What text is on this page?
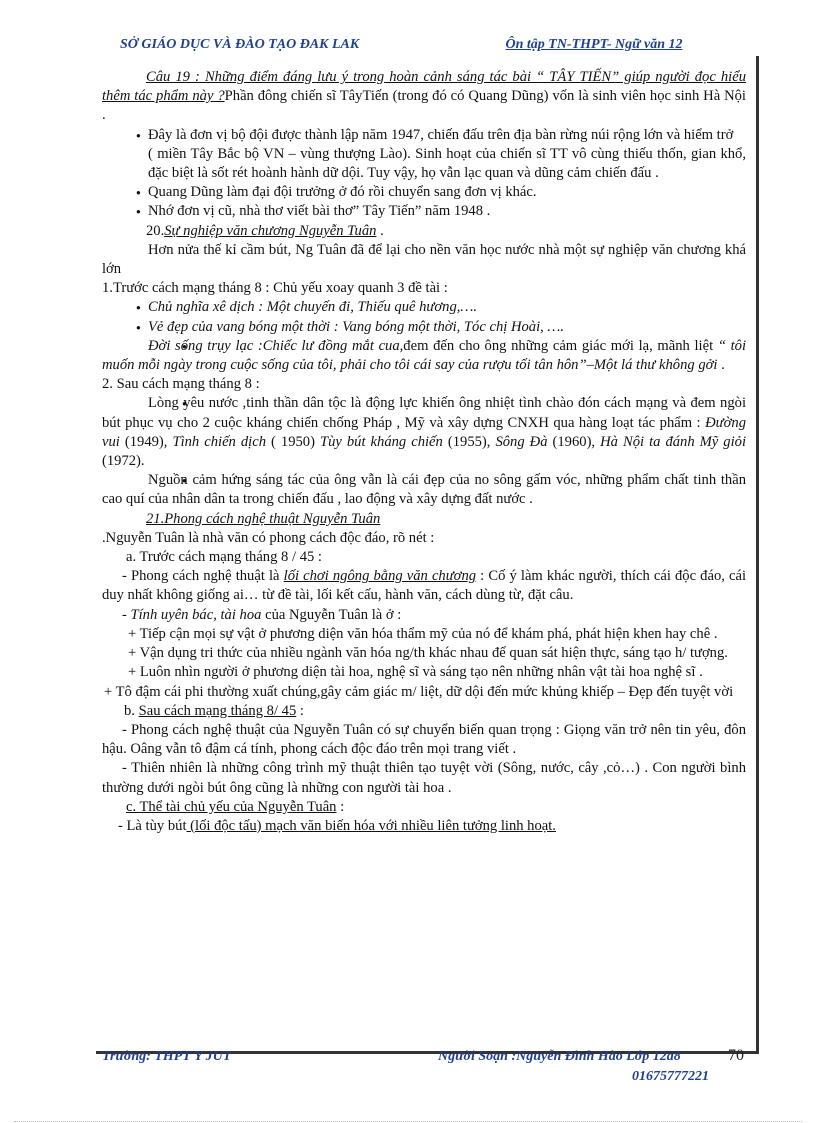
SỞ GIÁO DỤC VÀ ĐÀO TẠO ĐAK LAK	Ôn tập TN-THPT- Ngữ văn 12

Câu 19 : Những điểm đáng lưu ý trong hoàn cảnh sáng tác bài “ TÂY TIẾN” giúp người đọc hiểu thêm tác phẩm này ?Phần đông chiến sĩ TâyTiến (trong đó có Quang Dũng) vốn là sinh viên học sinh Hà Nội .

● Đây là đơn vị bộ đội được thành lập năm 1947, chiến đấu trên địa bàn rừng núi rộng lớn và hiểm trở

( miền Tây Bắc bộ VN – vùng thượng Lào). Sinh hoạt của chiến sĩ TT vô cùng thiếu thốn, gian khổ, đặc biệt là sốt rét hoành hành dữ dội. Tuy vậy, họ vẫn lạc quan và dũng cảm chiến đấu .

● Quang Dũng làm đại đội trưởng ở đó rồi chuyển sang đơn vị khác.

● Nhớ đơn vị cũ, nhà thơ viết bài thơ” Tây Tiến” năm 1948 .

20.Sự nghiệp văn chương Nguyễn Tuân .

Hơn nửa thế kỉ cầm bút, Ng Tuân đã để lại cho nền văn học nước nhà một sự nghiệp văn chương khá lớn

1.Trước cách mạng tháng 8 : Chủ yếu xoay quanh 3 đề tài :

● Chủ nghĩa xê dịch : Một chuyến đi, Thiếu quê hương,….

● Vẻ đẹp của vang bóng một thời : Vang bóng một thời, Tóc chị Hoài, ….

● Đời sống trụy lạc :Chiếc lư đồng mắt cua,đem đến cho ông những cảm giác mới lạ, mãnh liệt “ tôi muốn mỗi ngày trong cuộc sống của tôi, phải cho tôi cái say của rượu tối tân hôn”–Một lá thư không gởi .

2. Sau cách mạng tháng 8 :

● Lòng yêu nước ,tinh thần dân tộc là động lực khiến ông nhiệt tình chào đón cách mạng và đem ngòi bút phục vụ cho 2 cuộc kháng chiến chống Pháp , Mỹ và xây dựng CNXH qua hàng loạt tác phẩm : Đường vui (1949), Tình chiến dịch ( 1950) Tùy bút kháng chiến (1955), Sông Đà (1960), Hà Nội ta đánh Mỹ giỏi (1972).

● Nguồn cảm hứng sáng tác của ông vẫn là cái đẹp của no sông gấm vóc, những phẩm chất tinh thần cao quí của nhân dân ta trong chiến đấu , lao động và xây dựng đất nước .

21.Phong cách nghệ thuật Nguyễn Tuân

.Nguyễn Tuân là nhà văn có phong cách độc đáo, rõ nét :

a. Trước cách mạng tháng 8 / 45 :

- Phong cách nghệ thuật là lối chơi ngông bằng văn chương : Cố ý làm khác người, thích cái độc đáo, cái duy nhất không giống ai… từ đề tài, lối kết cấu, hành văn, cách dùng từ, đặt câu.

- Tính uyên bác, tài hoa của Nguyễn Tuân là ở :

+ Tiếp cận mọi sự vật ở phương diện văn hóa thẩm mỹ của nó để khám phá, phát hiện khen hay chê .

+ Vận dụng tri thức của nhiều ngành văn hóa ng/th khác nhau để quan sát hiện thực, sáng tạo h/ tượng.

+ Luôn nhìn người ở phương diện tài hoa, nghệ sĩ và sáng tạo nên những nhân vật tài hoa nghệ sĩ .

+ Tô đậm cái phi thường xuất chúng,gây cảm giác m/ liệt, dữ dội đến mức khủng khiếp – Đẹp đến tuyệt vời

b. Sau cách mạng tháng 8/ 45 :

- Phong cách nghệ thuật của Nguyễn Tuân có sự chuyển biến quan trọng : Giọng văn trở nên tin yêu, đôn hậu. Oâng vẫn tô đậm cá tính, phong cách độc đáo trên mọi trang viết .

- Thiên nhiên là những công trình mỹ thuật thiên tạo tuyệt vời (Sông, nước, cây ,cỏ…) . Con người bình thường dưới ngòi bút ông cũng là những con người tài hoa .

c. Thể tài chủ yếu của Nguyễn Tuân :

- Là tùy bút (lối độc tấu) mạch văn biến hóa với nhiều liên tưởng linh hoạt.

Trường: THPT Y JUT	Người Soạn :Nguyễn Đình Hào Lớp 12a8
01675777221
70
